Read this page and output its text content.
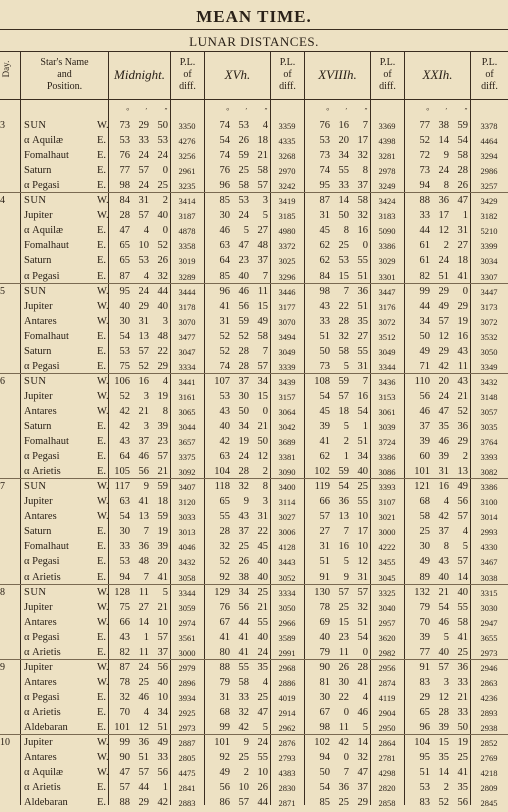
MEAN TIME.
LUNAR DISTANCES.
Day.	Star's Name
and
Position.
Midnight.
P.L.
of
diff.
XVh.
P.L.
of
diff.
XVIIIh.
P.L.
of
diff.
XXIh.
P.L.
of
diff.
° ′ ″	° ′ ″	° ′ ″	° ′ ″
3	SUN	W.	73 29 50	3350	74 53	4	3359	76 16	7	3369	77 38 59	3378
α Aquilæ	E.	53 33 53	4276	54 26 18	4335	53 20 17	4398	52 14 54	4464
Fomalhaut	E.	76 24 24	3256	74 59 21	3268	73 34 32	3281	72	9 58	3294
Saturn	E.	77 57	0	2961	76 25 58	2970	74 55	8	2978	73 24 28	2986
α Pegasi	E.	98 24 25	3235	96 58 57	3242	95 33 37	3249	94	8 26	3257
4	SUN	W.	84 31	2	3414	85 53	3	3419	87 14 58	3424	88 36 47	3429
Jupiter	W.	28 57 40	3187	30 24	5	3185	31 50 32	3183	33 17	1	3182
α Aquilæ	E.	47	4	0	4878	46	5 27	4980	45	8 16	5090	44 12 31	5210
Fomalhaut	E.	65 10 52	3358	63 47 48	3372	62 25	0	3386	61	2 27	3399
Saturn	E.	65 53 26	3019	64 23 37	3025	62 53 55	3029	61 24 18	3034
α Pegasi	E.	87	4 32	3289	85 40	7	3296	84 15 51	3301	82 51 41	3307
5	SUN	W.	95 24 44	3444	96 46 11	3446	98	7 36	3447	99 29	0	3447
Jupiter	W.	40 29 40	3178	41 56 15	3177	43 22 51	3176	44 49 29	3173
Antares	W.	30 31	3	3070	31 59 49	3070	33 28 35	3072	34 57 19	3072
Fomalhaut	E.	54 13 48	3477	52 52 58	3494	51 32 27	3512	50 12 16	3532
Saturn	E.	53 57 22	3047	52 28	7	3049	50 58 55	3049	49 29 43	3050
α Pegasi	E.	75 52 29	3334	74 28 57	3339	73	5 31	3344	71 42 11	3349
6	SUN	W. 106 16	4	3441	107 37 34	3439	108 59	7	3436	110 20 43	3432
Jupiter	W.	52	3 19	3161	53 30 15	3157	54 57 16	3153	56 24 21	3148
Antares	W.	42 21	8	3065	43 50	0	3064	45 18 54	3061	46 47 52	3057
Saturn	E.	42	3 39	3044	40 34 21	3042	39	5	1	3039	37 35 36	3035
Fomalhaut	E.	43 37 23	3657	42 19 50	3689	41	2 51	3724	39 46 29	3764
α Pegasi	E.	64 46 57	3375	63 24 12	3381	62	1 34	3386	60 39	2	3393
α Arietis	E. 105 56 21	3092	104 28	2	3090	102 59 40	3086	101 31 13	3082
7	SUN	W. 117	9 59	3407	118 32	8	3400	119 54 25	3393	121 16 49	3386
Jupiter	W.	63 41 18	3120	65	9	3	3114	66 36 55	3107	68	4 56	3100
Antares	W.	54 13 59	3033	55 43 31	3027	57 13 10	3021	58 42 57	3014
Saturn	E.	30	7 19	3013	28 37 22	3006	27	7 17	3000	25 37	4	2993
Fomalhaut	E.	33 36 39	4046	32 25 45	4128	31 16 10	4222	30	8	5	4330
α Pegasi	E.	53 48 20	3432	52 26 40	3443	51	5 12	3455	49 43 57	3467
α Arietis	E.	94	7 41	3058	92 38 40	3052	91	9 31	3045	89 40 14	3038
8	SUN	W. 128 11	5	3344	129 34 25	3334	130 57 57	3325	132 21 40	3315
Jupiter	W.	75 27 21	3059	76 56 21	3050	78 25 32	3040	79 54 55	3030
Antares	W.	66 14 10	2974	67 44 55	2966	69 15 51	2957	70 46 58	2947
α Pegasi	E.	43	1 57	3561	41 41 40	3589	40 23 54	3620	39	5 41	3655
α Arietis	E.	82 11 37	3000	80 41 24	2991	79 11	0	2982	77 40 25	2973
9	Jupiter	W.	87 24 56	2979	88 55 35	2968	90 26 28	2956	91 57 36	2946
Antares	W.	78 25 40	2896	79 58	4	2886	81 30 41	2874	83	3 33	2863
α Pegasi	E.	32 46 10	3934	31 33 25	4019	30 22	4	4119	29 12 21	4236
α Arietis	E.	70	4 34	2925	68 32 47	2914	67	0 46	2904	65 28 33	2893
Aldebaran	E. 101 12 51	2973	99 42	5	2962	98 11	5	2950	96 39 50	2938
10 Jupiter	W.	99 36 49	2887	101	9 24	2876	102 42 14	2864	104 15 19	2852
Antares	W.	90 51 33	2805	92 25 55	2793	94	0 32	2781	95 35 25	2769
α Aquilæ	W.	47 57 56	4475	49	2 10	4383	50	7 47	4298	51 14 41	4218
α Arietis	E.	57 44	1	2841	56 10 26	2830	54 36 37	2820	53	2 35	2809
Aldebaran	E.	88 29 42	2883	86 57 44	2871	85 25 29	2858	83 52 56	2845
